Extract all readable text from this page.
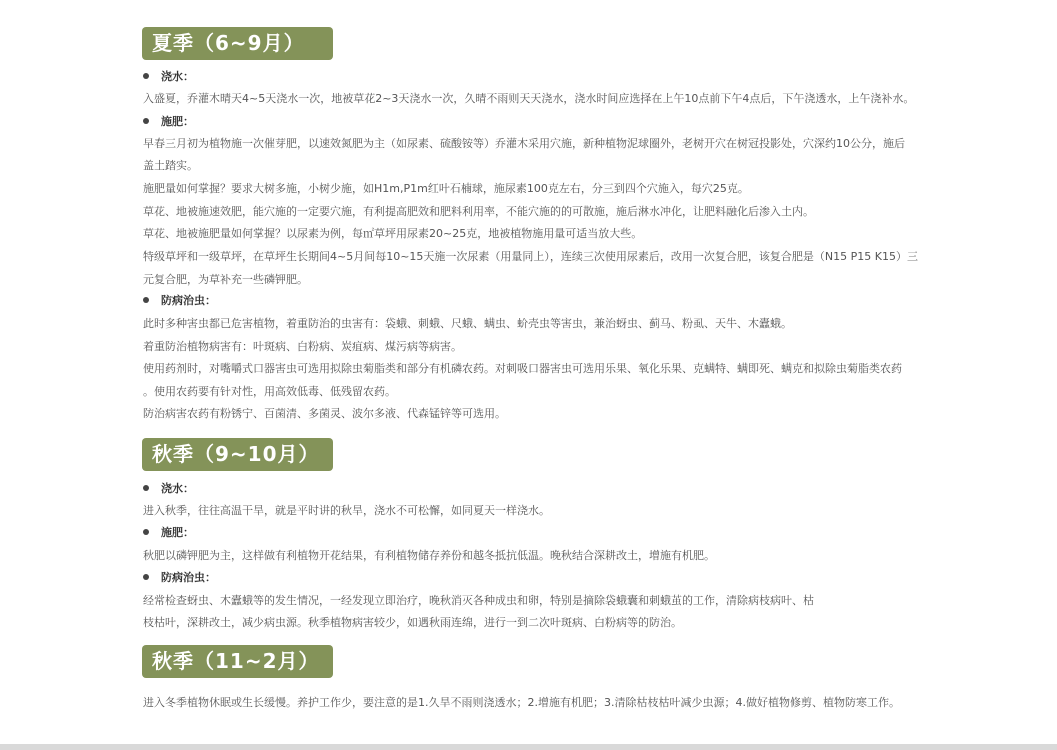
夏季（6~9月）
浇水：
入盛夏，乔灌木晴天4~5天浇水一次，地被草花2~3天浇水一次，久晴不雨则天天浇水，浇水时间应选择在上午10点前下午4点后，下午浇透水，上午浇补水。
施肥：
早春三月初为植物施一次催芽肥，以速效氮肥为主（如尿素、硫酸铵等）乔灌木采用穴施，新种植物泥球圈外，老树开穴在树冠投影处，穴深约10公分，施后
盖土踏实。
施肥量如何掌握？要求大树多施，小树少施，如H1m,P1m红叶石楠球，施尿素100克左右，分三到四个穴施入，每穴25克。
草花、地被施速效肥，能穴施的一定要穴施，有利提高肥效和肥料利用率，不能穴施的的可散施，施后淋水冲化，让肥料融化后渗入土内。
草花、地被施肥量如何掌握？以尿素为例，每㎡草坪用尿素20~25克，地被植物施用量可适当放大些。
特级草坪和一级草坪，在草坪生长期间4~5月间每10~15天施一次尿素（用量同上），连续三次使用尿素后，改用一次复合肥，该复合肥是（N15 P15 K15）三
元复合肥，为草补充一些磷钾肥。
防病治虫：
此时多种害虫都已危害植物，着重防治的虫害有：袋蛾、刺蛾、尺蛾、螨虫、蚧壳虫等害虫，兼治蚜虫、蓟马、粉虱、天牛、木蠹蛾。
着重防治植物病害有：叶斑病、白粉病、炭疽病、煤污病等病害。
使用药剂时，对嘴嚼式口器害虫可选用拟除虫菊脂类和部分有机磷农药。对刺吸口器害虫可选用乐果、氧化乐果、克螨特、螨即死、螨克和拟除虫菊脂类农药
。使用农药要有针对性，用高效低毒、低残留农药。
防治病害农药有粉锈宁、百菌清、多菌灵、波尔多液、代森锰锌等可选用。
秋季（9~10月）
浇水：
进入秋季，往往高温干旱，就是平时讲的秋旱，浇水不可松懈，如同夏天一样浇水。
施肥：
秋肥以磷钾肥为主，这样做有利植物开花结果，有利植物储存养份和越冬抵抗低温。晚秋结合深耕改土，增施有机肥。
防病治虫：
经常检查蚜虫、木蠹蛾等的发生情况，一经发现立即治疗，晚秋消灭各种成虫和卵，特别是摘除袋蛾囊和刺蛾茧的工作，清除病枝病叶、枯
枝枯叶，深耕改土，减少病虫源。秋季植物病害较少，如遇秋雨连绵，进行一到二次叶斑病、白粉病等的防治。
秋季（11~2月）
进入冬季植物休眠或生长缓慢。养护工作少，要注意的是1.久旱不雨则浇透水；2.增施有机肥；3.清除枯枝枯叶减少虫源；4.做好植物修剪、植物防寒工作。
